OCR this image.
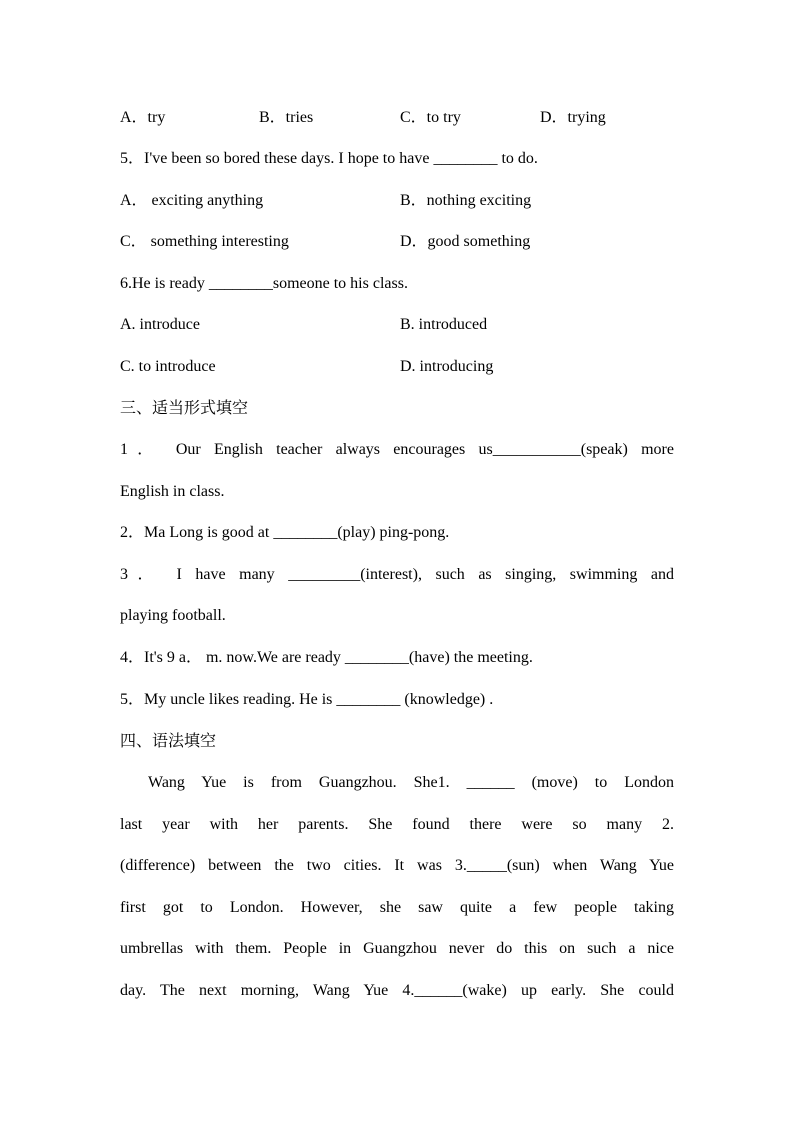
A．try	B．tries	C．to try	D．trying
5．I've been so bored these days. I hope to have ________ to do.
A． exciting anything	B．nothing exciting
C． something interesting	D．good something
6.He is ready ________someone to his class.
A. introduce	B. introduced
C. to introduce	D. introducing
三、适当形式填空
1． Our English teacher always encourages us___________(speak) more
English in class.
2．Ma Long is good at ________(play) ping-pong.
3． I have many _________(interest), such as singing, swimming and
playing football.
4．It's 9 a． m. now.We are ready ________(have) the meeting.
5．My uncle likes reading. He is ________ (knowledge) .
四、语法填空
Wang Yue is from Guangzhou. She1. ______ (move) to London
last year with her parents. She found there were so many 2.
(difference) between the two cities. It was 3._____(sun) when Wang Yue
first got to London. However, she saw quite a few people taking
umbrellas with them. People in Guangzhou never do this on such a nice
day. The next morning, Wang Yue 4.______(wake) up early. She could
